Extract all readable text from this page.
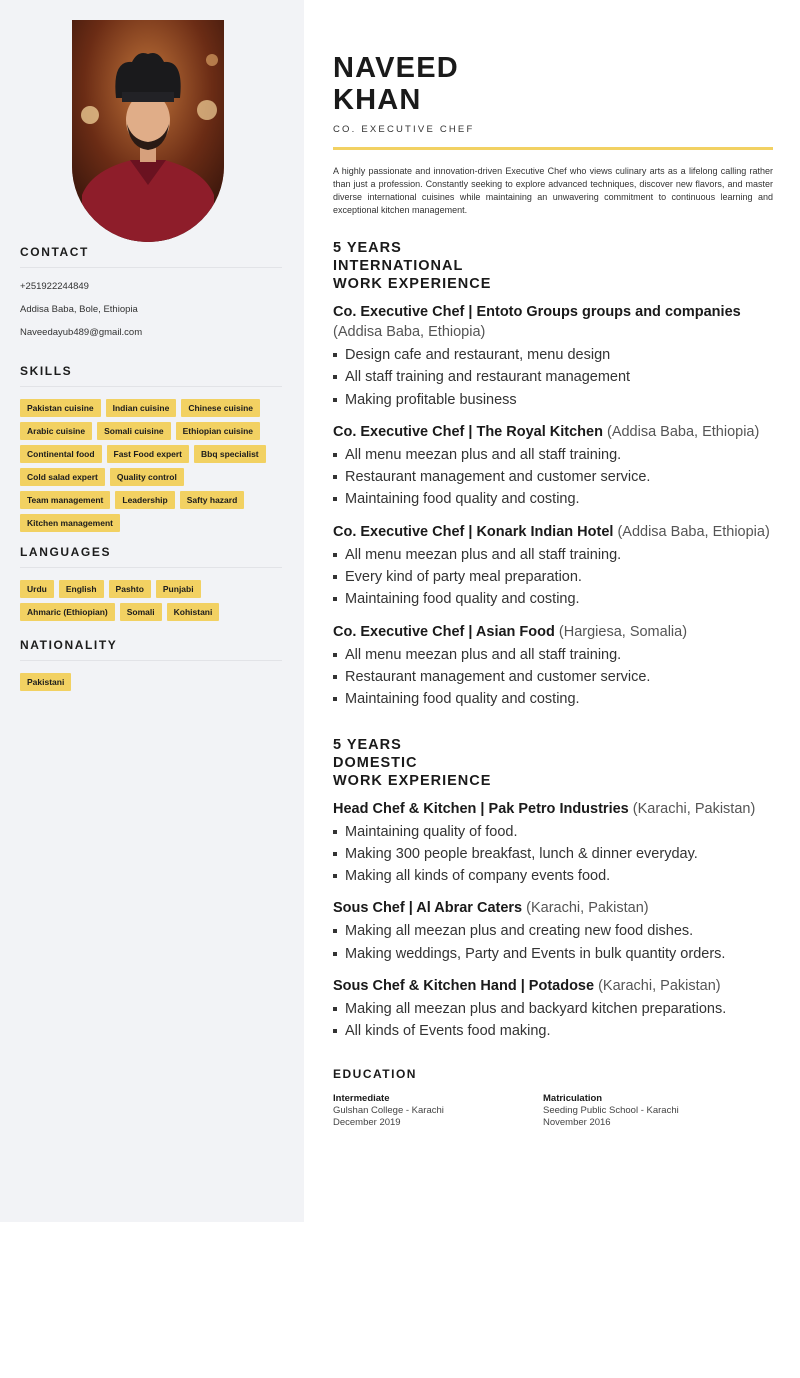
CONTACT
+251922244849
Addisa Baba, Bole, Ethiopia
Naveedayub489@gmail.com
SKILLS
Pakistan cuisine	Indian cuisine	Chinese cuisine
Arabic cuisine	Somali cuisine	Ethiopian cuisine
Continental food	Fast Food expert	Bbq specialist
Cold salad expert	Quality control
Team management	Leadership	Safty hazard
Kitchen management
LANGUAGES
Urdu	English	Pashto	Punjabi
Ahmaric (Ethiopian)	Somali	Kohistani
NATIONALITY
Pakistani
NAVEED
KHAN
CO. EXECUTIVE CHEF
A highly passionate and innovation-driven Executive Chef who views culinary arts as a lifelong calling rather than just a profession. Constantly seeking to explore advanced techniques, discover new flavors, and master diverse international cuisines while maintaining an unwavering commitment to continuous learning and exceptional kitchen management.
5 YEARS
INTERNATIONAL
WORK EXPERIENCE
Co. Executive Chef | Entoto Groups groups and companies (Addisa Baba, Ethiopia)
Design cafe and restaurant, menu design
All staff training and restaurant management
Making profitable business
Co. Executive Chef | The Royal Kitchen (Addisa Baba, Ethiopia)
All menu meezan plus and all staff training.
Restaurant management and customer service.
Maintaining food quality and costing.
Co. Executive Chef | Konark Indian Hotel (Addisa Baba, Ethiopia)
All menu meezan plus and all staff training.
Every kind of party meal preparation.
Maintaining food quality and costing.
Co. Executive Chef | Asian Food (Hargiesa, Somalia)
All menu meezan plus and all staff training.
Restaurant management and customer service.
Maintaining food quality and costing.
5 YEARS
DOMESTIC
WORK EXPERIENCE
Head Chef & Kitchen | Pak Petro Industries (Karachi, Pakistan)
Maintaining quality of food.
Making 300 people breakfast, lunch & dinner everyday.
Making all kinds of company events food.
Sous Chef | Al Abrar Caters (Karachi, Pakistan)
Making all meezan plus and creating new food dishes.
Making weddings, Party and Events in bulk quantity orders.
Sous Chef & Kitchen Hand | Potadose (Karachi, Pakistan)
Making all meezan plus and backyard kitchen preparations.
All kinds of Events food making.
EDUCATION
Intermediate
Gulshan College - Karachi
December 2019
Matriculation
Seeding Public School - Karachi
November 2016
